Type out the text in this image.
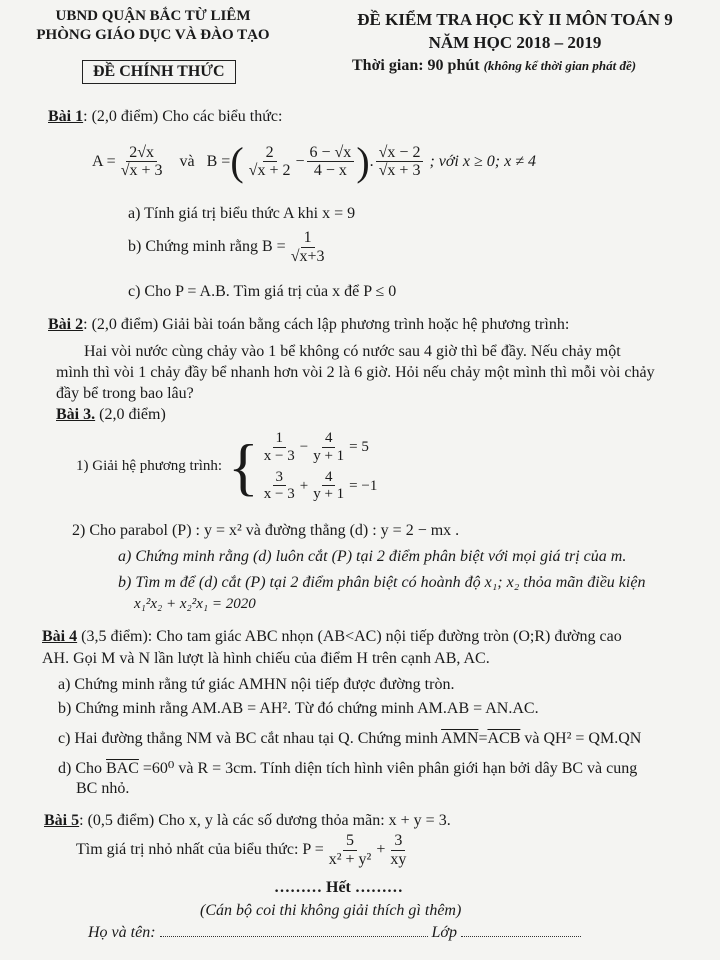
UBND QUẬN BẮC TỪ LIÊM
PHÒNG GIÁO DỤC VÀ ĐÀO TẠO
ĐỀ CHÍNH THỨC
ĐỀ KIỂM TRA HỌC KỲ II MÔN TOÁN 9
NĂM HỌC 2018 – 2019
Thời gian: 90 phút (không kể thời gian phát đề)
Bài 1: (2,0 điểm) Cho các biểu thức:
$A = \frac{2√x}{√x + 3}$ và B = ( $\frac{2}{√x + 2} - \frac{6 - √x}{4 - x}$ ) . $\frac{√x - 2}{√x + 3}$ ; với x ≥ 0; x ≠ 4
a) Tính giá trị biểu thức A khi x = 9
b) Chứng minh rằng $B = \frac{1}{√x+3}$
c) Cho P = A.B. Tìm giá trị của x để P ≤ 0
Bài 2: (2,0 điểm) Giải bài toán bằng cách lập phương trình hoặc hệ phương trình:
Hai vòi nước cùng chảy vào 1 bể không có nước sau 4 giờ thì bể đầy. Nếu chảy một
mình thì vòi 1 chảy đầy bể nhanh hơn vòi 2 là 6 giờ. Hỏi nếu chảy một mình thì mỗi vòi chảy
đầy bể trong bao lâu?
Bài 3. (2,0 điểm)
1) Giải hệ phương trình: { $\frac{1}{x - 3} - \frac{4}{y + 1} = 5$
$\frac{3}{x - 3} + \frac{4}{y + 1} = -1$
2) Cho parabol (P) : y = x² và đường thẳng (d) : y = 2 − mx .
a) Chứng minh rằng (d) luôn cắt (P) tại 2 điểm phân biệt với mọi giá trị của m.
b) Tìm m để (d) cắt (P) tại 2 điểm phân biệt có hoành độ x₁; x₂ thỏa mãn điều kiện
x₁²x₂ + x₂²x₁ = 2020
Bài 4 (3,5 điểm): Cho tam giác ABC nhọn (AB<AC) nội tiếp đường tròn (O;R) đường cao
AH. Gọi M và N lần lượt là hình chiếu của điểm H trên cạnh AB, AC.
a) Chứng minh rằng tứ giác AMHN nội tiếp được đường tròn.
b) Chứng minh rằng AM.AB = AH². Từ đó chứng minh AM.AB = AN.AC.
c) Hai đường thẳng NM và BC cắt nhau tại Q. Chứng minh $\overline{AMN}=\overline{ACB}$ và QH² = QM.QN
d) Cho $\overline{BAC} =60^0$ và R = 3cm. Tính diện tích hình viên phân giới hạn bởi dây BC và cung
BC nhỏ.
Bài 5: (0,5 điểm) Cho x, y là các số dương thỏa mãn: x + y = 3.
Tìm giá trị nhỏ nhất của biểu thức: $P = \frac{5}{\text{x² + y²}} + \frac{3}{xy}$
……… Hết ………
(Cán bộ coi thi không giải thích gì thêm)
Họ và tên:	Lớp
